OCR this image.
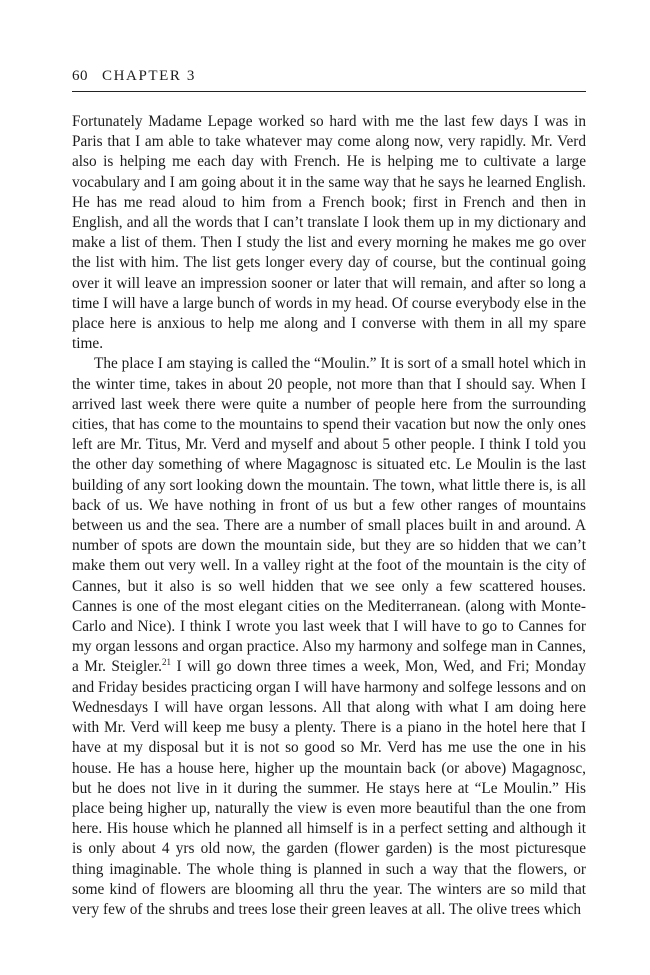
60 CHAPTER 3

Fortunately Madame Lepage worked so hard with me the last few days I was in Paris that I am able to take whatever may come along now, very rapidly. Mr. Verd also is helping me each day with French. He is helping me to cultivate a large vocabulary and I am going about it in the same way that he says he learned English. He has me read aloud to him from a French book; first in French and then in English, and all the words that I can’t translate I look them up in my dictionary and make a list of them. Then I study the list and every morning he makes me go over the list with him. The list gets longer every day of course, but the continual going over it will leave an impression sooner or later that will remain, and after so long a time I will have a large bunch of words in my head. Of course everybody else in the place here is anxious to help me along and I converse with them in all my spare time.

The place I am staying is called the “Moulin.” It is sort of a small hotel which in the winter time, takes in about 20 people, not more than that I should say. When I arrived last week there were quite a number of people here from the surrounding cities, that has come to the mountains to spend their vacation but now the only ones left are Mr. Titus, Mr. Verd and myself and about 5 other people. I think I told you the other day something of where Magagnosc is situated etc. Le Moulin is the last building of any sort looking down the mountain. The town, what little there is, is all back of us. We have nothing in front of us but a few other ranges of mountains between us and the sea. There are a number of small places built in and around. A number of spots are down the mountain side, but they are so hidden that we can’t make them out very well. In a valley right at the foot of the mountain is the city of Cannes, but it also is so well hidden that we see only a few scattered houses. Cannes is one of the most elegant cities on the Mediterranean. (along with Monte-Carlo and Nice). I think I wrote you last week that I will have to go to Cannes for my organ lessons and organ practice. Also my harmony and solfege man in Cannes, a Mr. Steigler.$^{21}$ I will go down three times a week, Mon, Wed, and Fri; Monday and Friday besides practicing organ I will have harmony and solfege lessons and on Wednesdays I will have organ lessons. All that along with what I am doing here with Mr. Verd will keep me busy a plenty. There is a piano in the hotel here that I have at my disposal but it is not so good so Mr. Verd has me use the one in his house. He has a house here, higher up the mountain back (or above) Magagnosc, but he does not live in it during the summer. He stays here at “Le Moulin.” His place being higher up, naturally the view is even more beautiful than the one from here. His house which he planned all himself is in a perfect setting and although it is only about 4 yrs old now, the garden (flower garden) is the most picturesque thing imaginable. The whole thing is planned in such a way that the flowers, or some kind of flowers are blooming all thru the year. The winters are so mild that very few of the shrubs and trees lose their green leaves at all. The olive trees which
